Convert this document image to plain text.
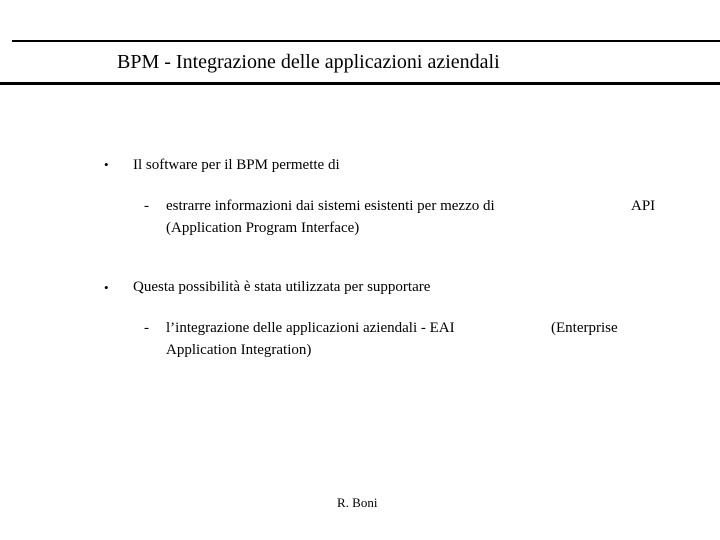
BPM - Integrazione delle applicazioni aziendali
• Il software per il BPM permette di
- estrarre informazioni dai sistemi esistenti per mezzo di	API
(Application Program Interface)
• Questa possibilità è stata utilizzata per supportare
- l’integrazione delle applicazioni aziendali - EAI	(Enterprise
Application Integration)
R. Boni
